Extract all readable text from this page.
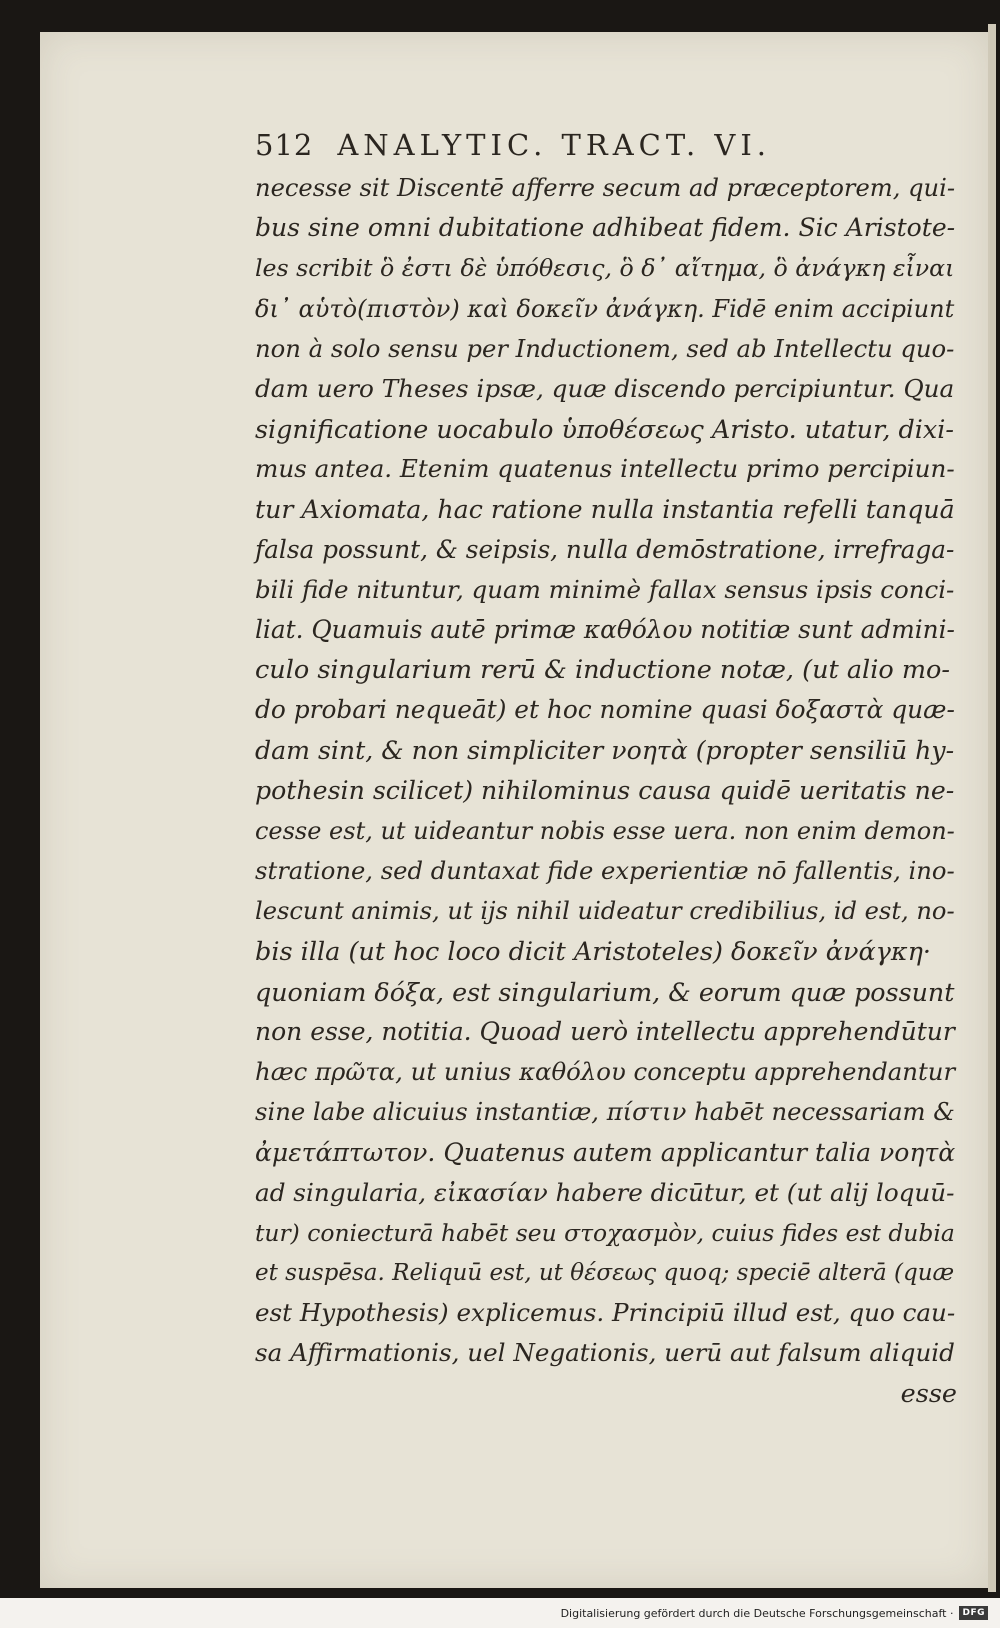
512 ANALYTIC. TRACT. VI.
necesse sit Discentē afferre secum ad præceptorem, qui-
bus sine omni dubitatione adhibeat fidem. Sic Aristote-
les scribit ὃ ἐστι δὲ ὑπόθεσις, ὃ δ᾽ αἴτημα, ὃ ἀνάγκη εἶναι
δι᾽ αὑτὸ(πιστὸν) καὶ δοκεῖν ἀνάγκη. Fidē enim accipiunt
non à solo sensu per Inductionem, sed ab Intellectu quo-
dam uero Theses ipsæ, quæ discendo percipiuntur. Qua
significatione uocabulo ὑποθέσεως Aristo. utatur, dixi-
mus antea. Etenim quatenus intellectu primo percipiun-
tur Axiomata, hac ratione nulla instantia refelli tanquā
falsa possunt, & seipsis, nulla demōstratione, irrefraga-
bili fide nituntur, quam minimè fallax sensus ipsis conci-
liat. Quamuis autē primæ καθόλου notitiæ sunt admini-
culo singularium rerū & inductione notæ, (ut alio mo-
do probari nequeāt) et hoc nomine quasi δοξαστὰ quæ-
dam sint, & non simpliciter νοητὰ (propter sensiliū hy-
pothesin scilicet) nihilominus causa quidē ueritatis ne-
cesse est, ut uideantur nobis esse uera. non enim demon-
stratione, sed duntaxat fide experientiæ nō fallentis, ino-
lescunt animis, ut ijs nihil uideatur credibilius, id est, no-
bis illa (ut hoc loco dicit Aristoteles) δοκεῖν ἀνάγκη·
quoniam δόξα, est singularium, & eorum quæ possunt
non esse, notitia. Quoad uerò intellectu apprehendūtur
hæc πρῶτα, ut unius καθόλου conceptu apprehendantur
sine labe alicuius instantiæ, πίστιν habēt necessariam &
ἀμετάπτωτον. Quatenus autem applicantur talia νοητὰ
ad singularia, εἰκασίαν habere dicūtur, et (ut alij loquū-
tur) coniecturā habēt seu στοχασμὸν, cuius fides est dubia
et suspēsa. Reliquū est, ut θέσεως quoq; speciē alterā (quæ
est Hypothesis) explicemus. Principiū illud est, quo cau-
sa Affirmationis, uel Negationis, uerū aut falsum aliquid
esse
Digitalisierung gefördert durch die Deutsche Forschungsgemeinschaft ·	DFG
